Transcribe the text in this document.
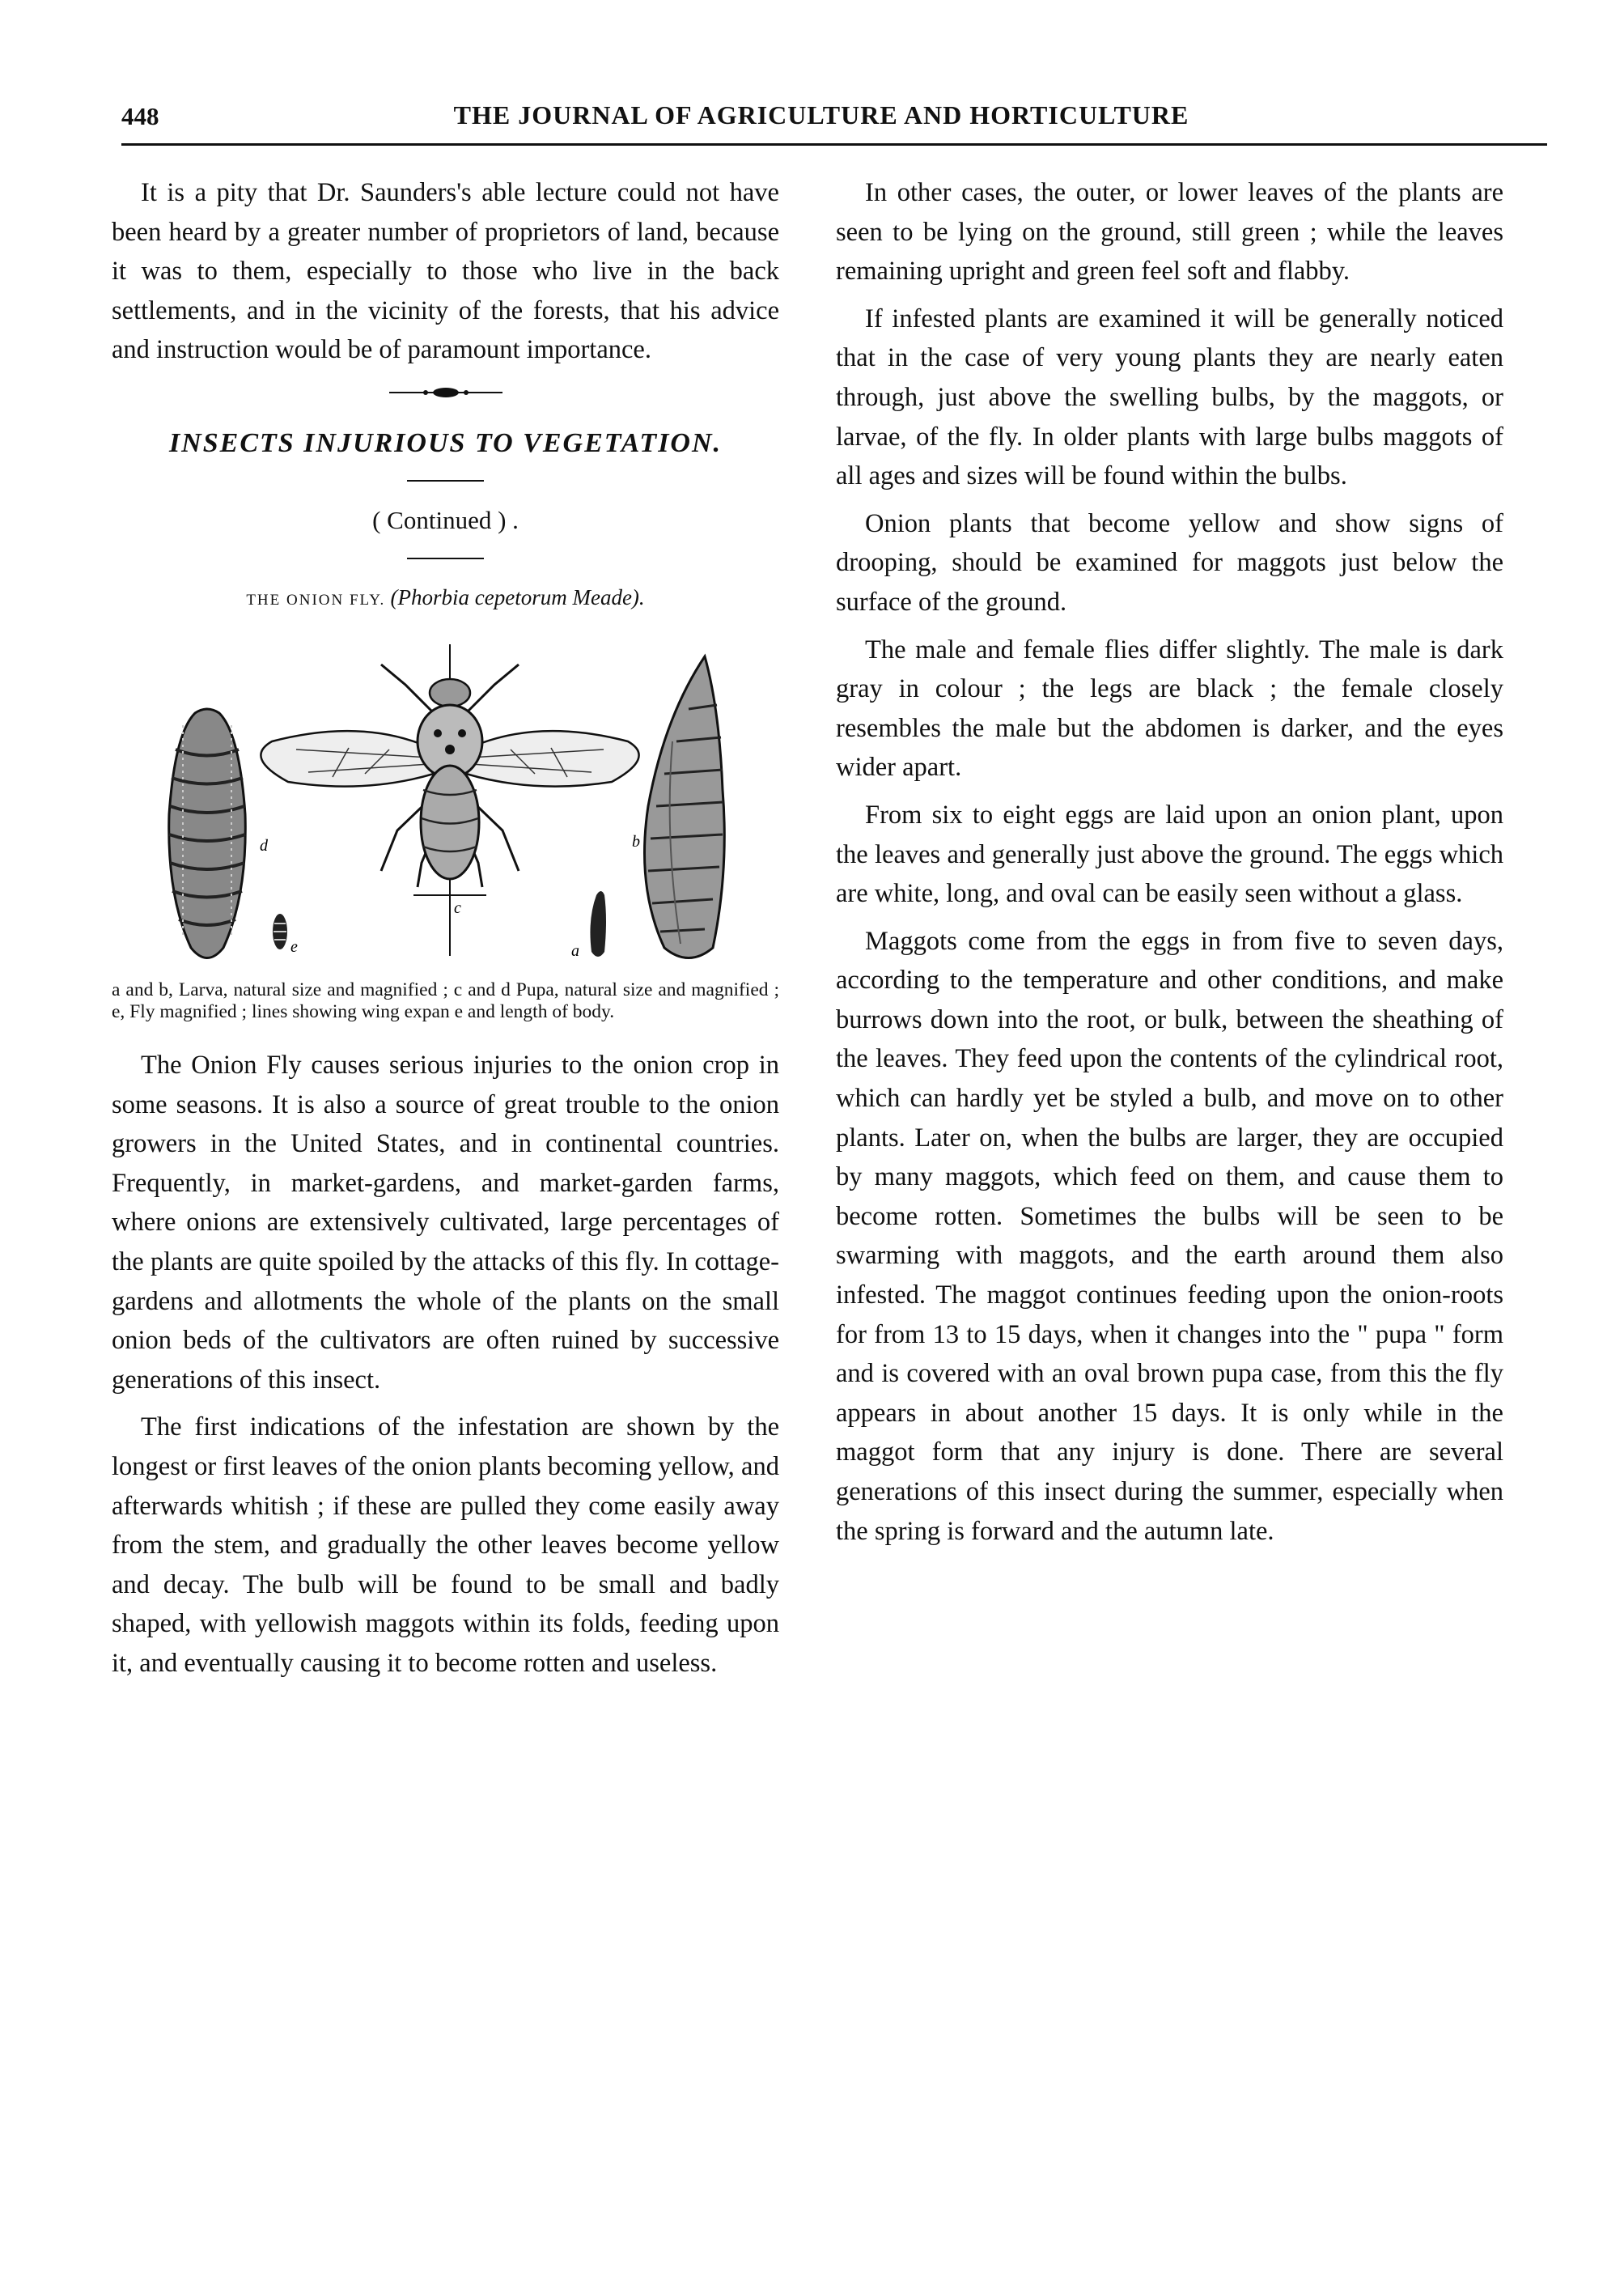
448	THE JOURNAL OF AGRICULTURE AND HORTICULTURE

It is a pity that Dr. Saunders's able lecture could not have been heard by a greater number of proprietors of land, because it was to them, especially to those who live in the back settlements, and in the vicinity of the forests, that his advice and instruction would be of paramount importance.

INSECTS INJURIOUS TO VEGETATION.
( Continued ) .
THE ONION FLY. (Phorbia cepetorum Meade).
d
e
c
a
b

a and b, Larva, natural size and magnified ; c and d Pupa, natural size and magnified ; e, Fly magnified ; lines showing wing expan e and length of body.

The Onion Fly causes serious injuries to the onion crop in some seasons. It is also a source of great trouble to the onion growers in the United States, and in continental countries. Frequently, in market-gardens, and market-garden farms, where onions are extensively cultivated, large percentages of the plants are quite spoiled by the attacks of this fly. In cottage-gardens and allotments the whole of the plants on the small onion beds of the cultivators are often ruined by successive generations of this insect.

The first indications of the infestation are shown by the longest or first leaves of the onion plants becoming yellow, and afterwards whitish ; if these are pulled they come easily away from the stem, and gradually the other leaves become yellow and decay. The bulb will be found to be small and badly shaped, with yellowish maggots within its folds, feeding upon it, and eventually causing it to become rotten and useless.

In other cases, the outer, or lower leaves of the plants are seen to be lying on the ground, still green ; while the leaves remaining upright and green feel soft and flabby.

If infested plants are examined it will be generally noticed that in the case of very young plants they are nearly eaten through, just above the swelling bulbs, by the maggots, or larvae, of the fly. In older plants with large bulbs maggots of all ages and sizes will be found within the bulbs.

Onion plants that become yellow and show signs of drooping, should be examined for maggots just below the surface of the ground.

The male and female flies differ slightly. The male is dark gray in colour ; the legs are black ; the female closely resembles the male but the abdomen is darker, and the eyes wider apart.

From six to eight eggs are laid upon an onion plant, upon the leaves and generally just above the ground. The eggs which are white, long, and oval can be easily seen without a glass.

Maggots come from the eggs in from five to seven days, according to the temperature and other conditions, and make burrows down into the root, or bulk, between the sheathing of the leaves. They feed upon the contents of the cylindrical root, which can hardly yet be styled a bulb, and move on to other plants. Later on, when the bulbs are larger, they are occupied by many maggots, which feed on them, and cause them to become rotten. Sometimes the bulbs will be seen to be swarming with maggots, and the earth around them also infested. The maggot continues feeding upon the onion-roots for from 13 to 15 days, when it changes into the " pupa " form and is covered with an oval brown pupa case, from this the fly appears in about another 15 days. It is only while in the maggot form that any injury is done. There are several generations of this insect during the summer, especially when the spring is forward and the autumn late.
